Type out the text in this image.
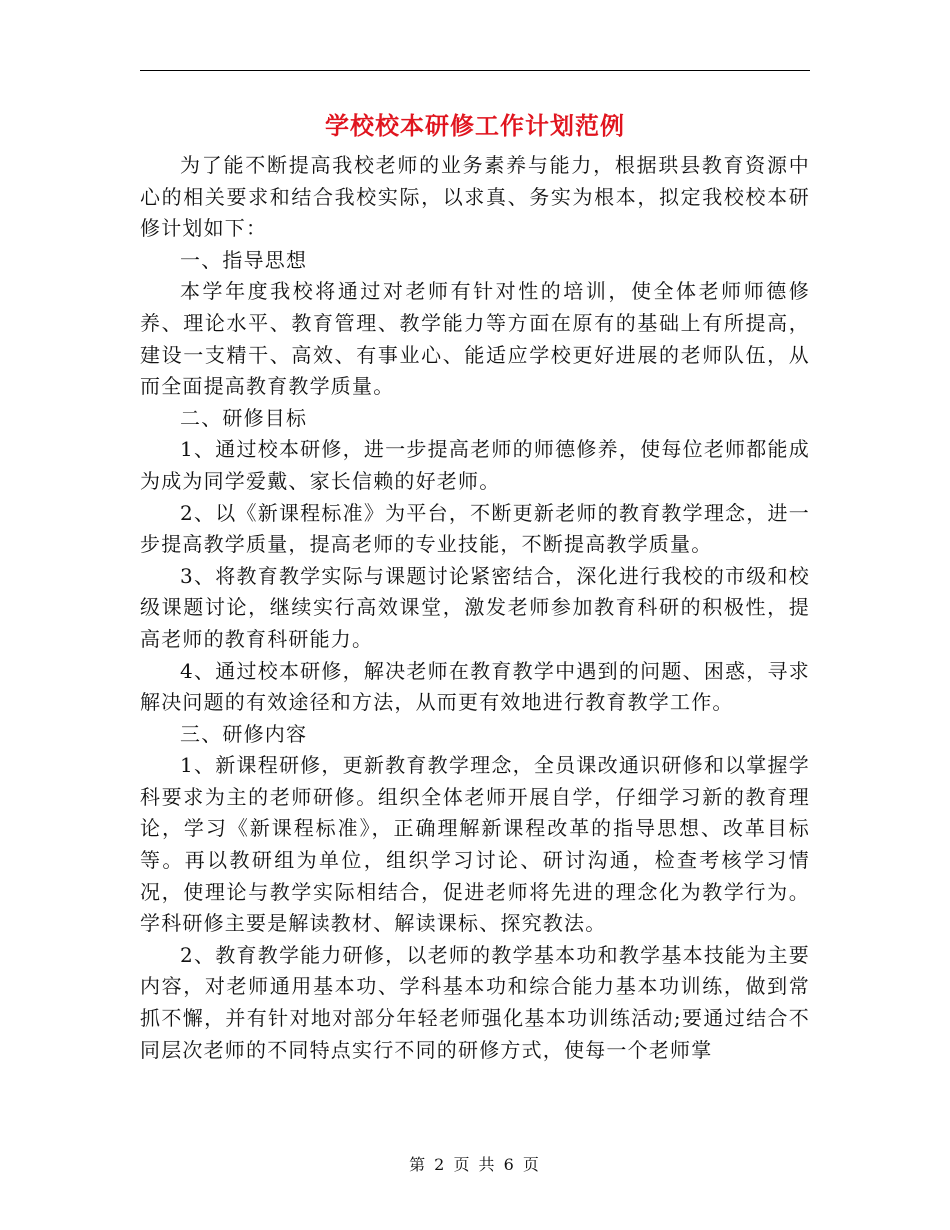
学校校本研修工作计划范例

为了能不断提高我校老师的业务素养与能力，根据珙县教育资源中心的相关要求和结合我校实际，以求真、务实为根本，拟定我校校本研修计划如下：

一、指导思想

本学年度我校将通过对老师有针对性的培训，使全体老师师德修养、理论水平、教育管理、教学能力等方面在原有的基础上有所提高，建设一支精干、高效、有事业心、能适应学校更好进展的老师队伍，从而全面提高教育教学质量。

二、研修目标

1、通过校本研修，进一步提高老师的师德修养，使每位老师都能成为成为同学爱戴、家长信赖的好老师。

2、以《新课程标准》为平台，不断更新老师的教育教学理念，进一步提高教学质量，提高老师的专业技能，不断提高教学质量。

3、将教育教学实际与课题讨论紧密结合，深化进行我校的市级和校级课题讨论，继续实行高效课堂，激发老师参加教育科研的积极性，提高老师的教育科研能力。

4、通过校本研修，解决老师在教育教学中遇到的问题、困惑，寻求解决问题的有效途径和方法，从而更有效地进行教育教学工作。

三、研修内容

1、新课程研修，更新教育教学理念，全员课改通识研修和以掌握学科要求为主的老师研修。组织全体老师开展自学，仔细学习新的教育理论，学习《新课程标准》，正确理解新课程改革的指导思想、改革目标等。再以教研组为单位，组织学习讨论、研讨沟通，检查考核学习情况，使理论与教学实际相结合，促进老师将先进的理念化为教学行为。学科研修主要是解读教材、解读课标、探究教法。

2、教育教学能力研修，以老师的教学基本功和教学基本技能为主要内容，对老师通用基本功、学科基本功和综合能力基本功训练，做到常抓不懈，并有针对地对部分年轻老师强化基本功训练活动;要通过结合不同层次老师的不同特点实行不同的研修方式，使每一个老师掌

第 2 页 共 6 页
